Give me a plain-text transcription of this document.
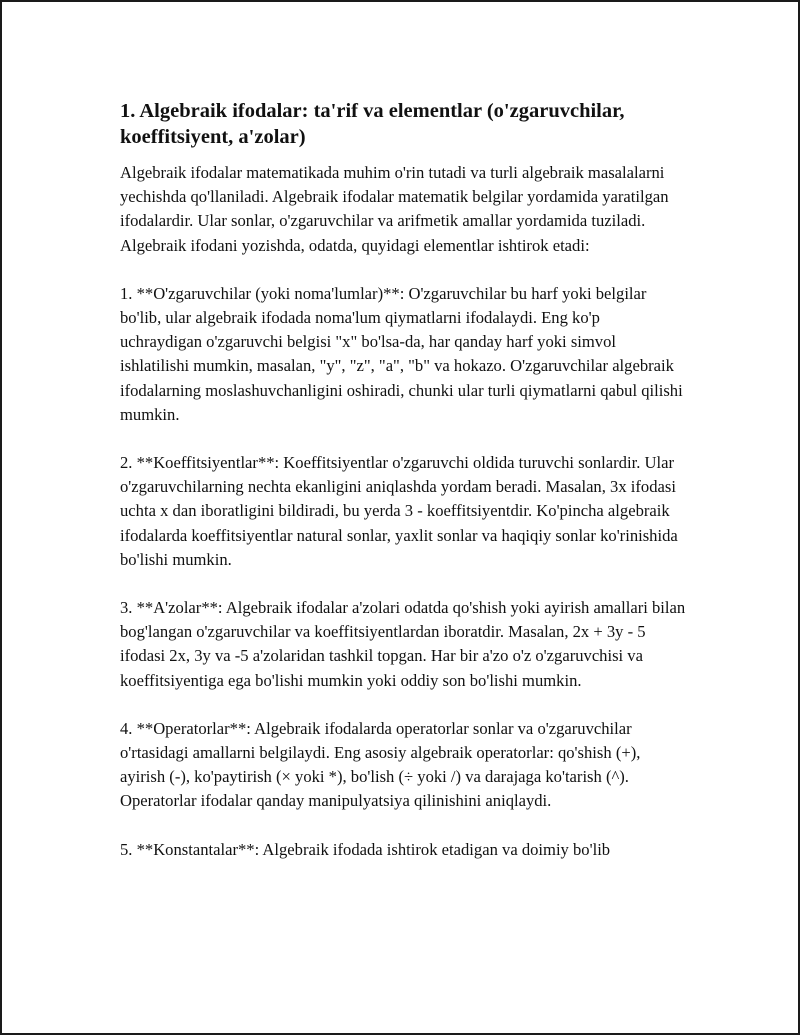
1. Algebraik ifodalar: ta'rif va elementlar (o'zgaruvchilar, koeffitsiyent, a'zolar)

Algebraik ifodalar matematikada muhim o'rin tutadi va turli algebraik masalalarni yechishda qo'llaniladi. Algebraik ifodalar matematik belgilar yordamida yaratilgan ifodalardir. Ular sonlar, o'zgaruvchilar va arifmetik amallar yordamida tuziladi. Algebraik ifodani yozishda, odatda, quyidagi elementlar ishtirok etadi:

1. **O'zgaruvchilar (yoki noma'lumlar)**: O'zgaruvchilar bu harf yoki belgilar bo'lib, ular algebraik ifodada noma'lum qiymatlarni ifodalaydi. Eng ko'p uchraydigan o'zgaruvchi belgisi "x" bo'lsa-da, har qanday harf yoki simvol ishlatilishi mumkin, masalan, "y", "z", "a", "b" va hokazo. O'zgaruvchilar algebraik ifodalarning moslashuvchanligini oshiradi, chunki ular turli qiymatlarni qabul qilishi mumkin.

2. **Koeffitsiyentlar**: Koeffitsiyentlar o'zgaruvchi oldida turuvchi sonlardir. Ular o'zgaruvchilarning nechta ekanligini aniqlashda yordam beradi. Masalan, 3x ifodasi uchta x dan iboratligini bildiradi, bu yerda 3 - koeffitsiyentdir. Ko'pincha algebraik ifodalarda koeffitsiyentlar natural sonlar, yaxlit sonlar va haqiqiy sonlar ko'rinishida bo'lishi mumkin.

3. **A'zolar**: Algebraik ifodalar a'zolari odatda qo'shish yoki ayirish amallari bilan bog'langan o'zgaruvchilar va koeffitsiyentlardan iboratdir. Masalan, 2x + 3y - 5 ifodasi 2x, 3y va -5 a'zolaridan tashkil topgan. Har bir a'zo o'z o'zgaruvchisi va koeffitsiyentiga ega bo'lishi mumkin yoki oddiy son bo'lishi mumkin.

4. **Operatorlar**: Algebraik ifodalarda operatorlar sonlar va o'zgaruvchilar o'rtasidagi amallarni belgilaydi. Eng asosiy algebraik operatorlar: qo'shish (+), ayirish (-), ko'paytirish (× yoki *), bo'lish (÷ yoki /) va darajaga ko'tarish (^). Operatorlar ifodalar qanday manipulyatsiya qilinishini aniqlaydi.

5. **Konstantalar**: Algebraik ifodada ishtirok etadigan va doimiy bo'lib
